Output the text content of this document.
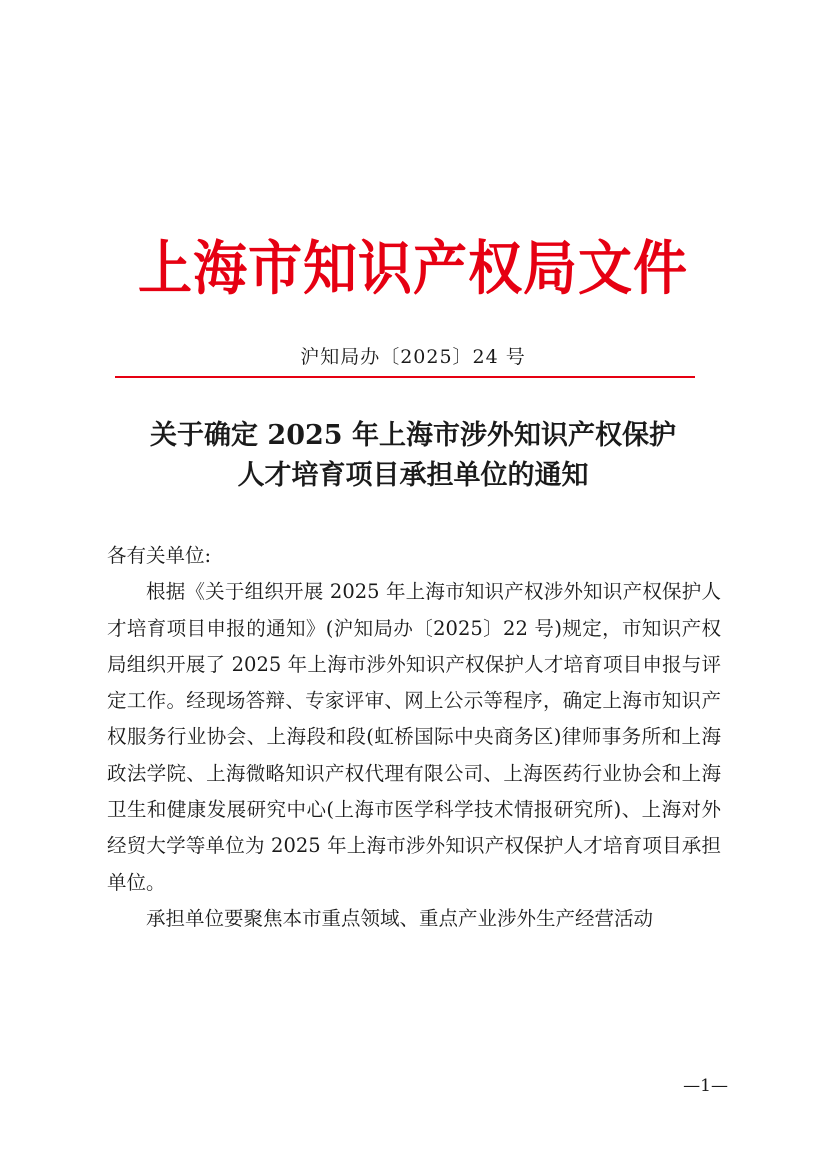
上海市知识产权局文件
沪知局办〔2025〕24 号
关于确定 2025 年上海市涉外知识产权保护
人才培育项目承担单位的通知

各有关单位:

根据《关于组织开展 2025 年上海市知识产权涉外知识产权保护人才培育项目申报的通知》(沪知局办〔2025〕22 号)规定，市知识产权局组织开展了 2025 年上海市涉外知识产权保护人才培育项目申报与评定工作。经现场答辩、专家评审、网上公示等程序，确定上海市知识产权服务行业协会、上海段和段(虹桥国际中央商务区)律师事务所和上海政法学院、上海微略知识产权代理有限公司、上海医药行业协会和上海卫生和健康发展研究中心(上海市医学科学技术情报研究所)、上海对外经贸大学等单位为 2025 年上海市涉外知识产权保护人才培育项目承担单位。

承担单位要聚焦本市重点领域、重点产业涉外生产经营活动

—1—
